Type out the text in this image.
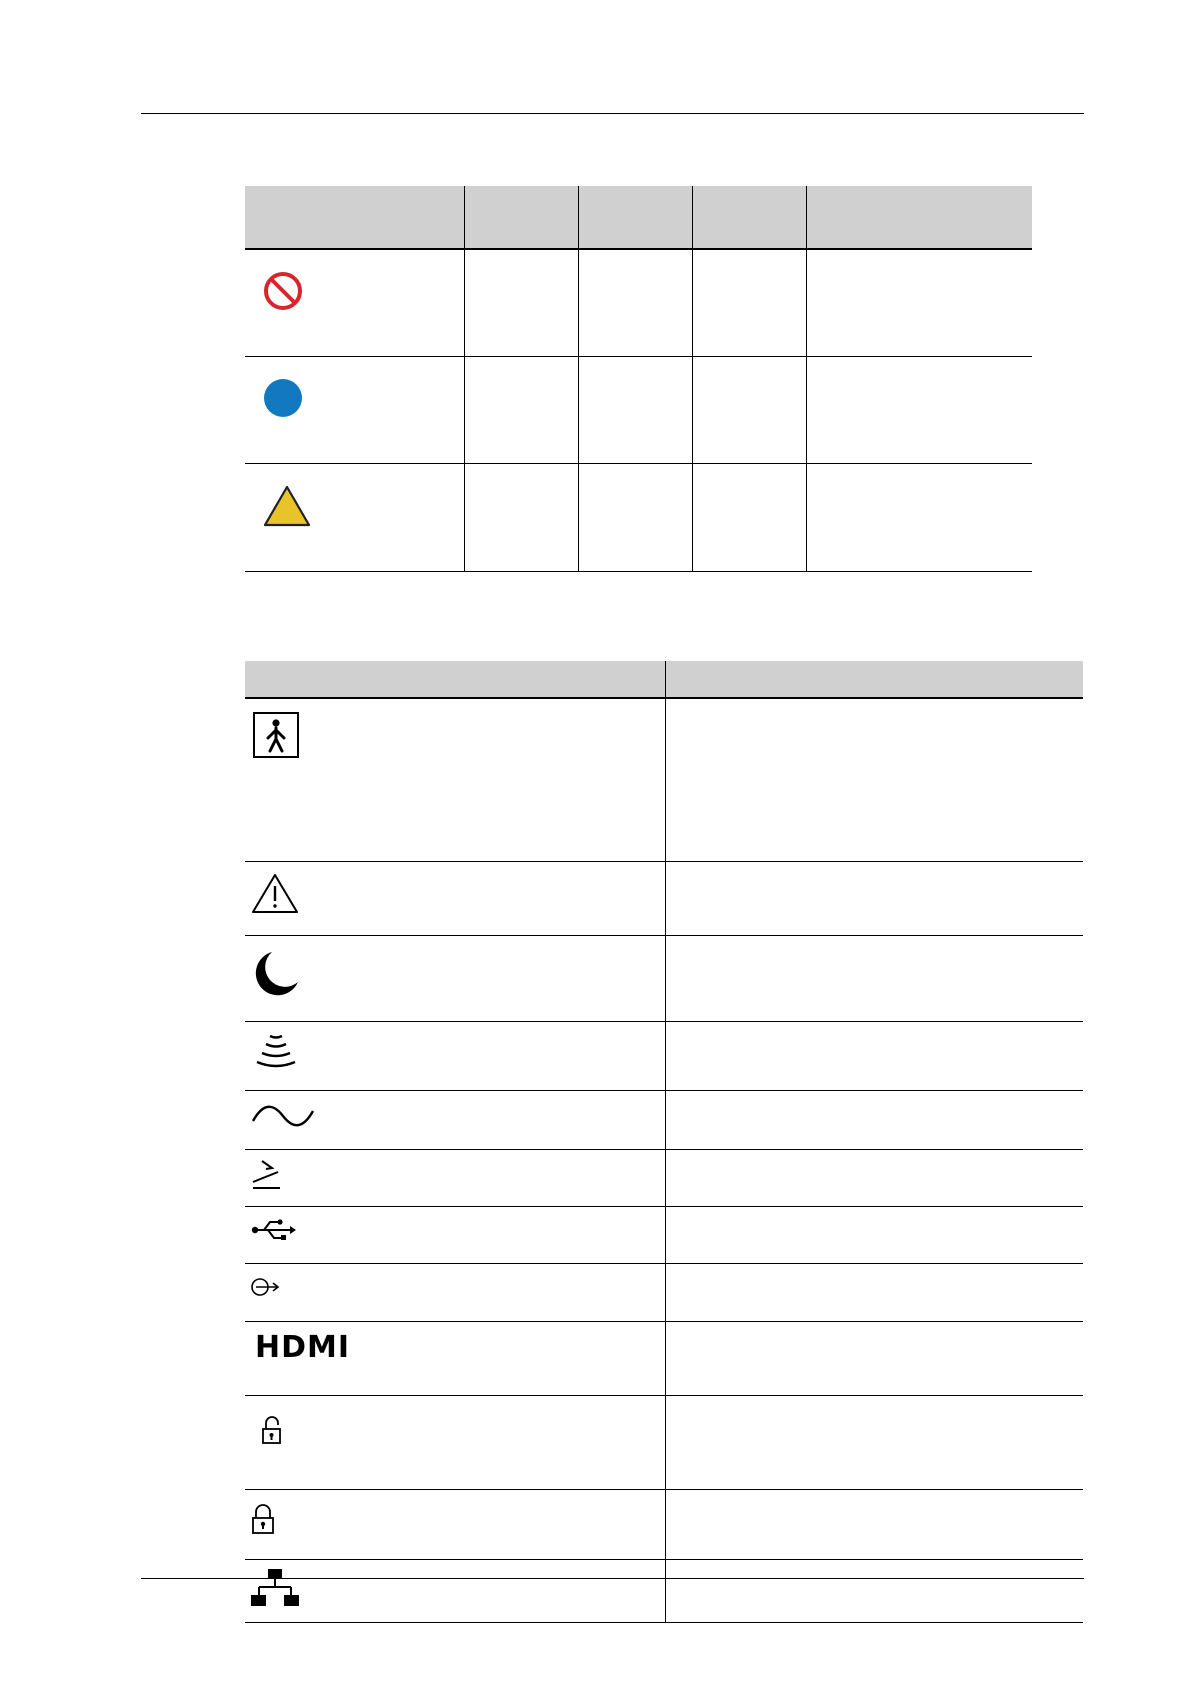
HDMI	
